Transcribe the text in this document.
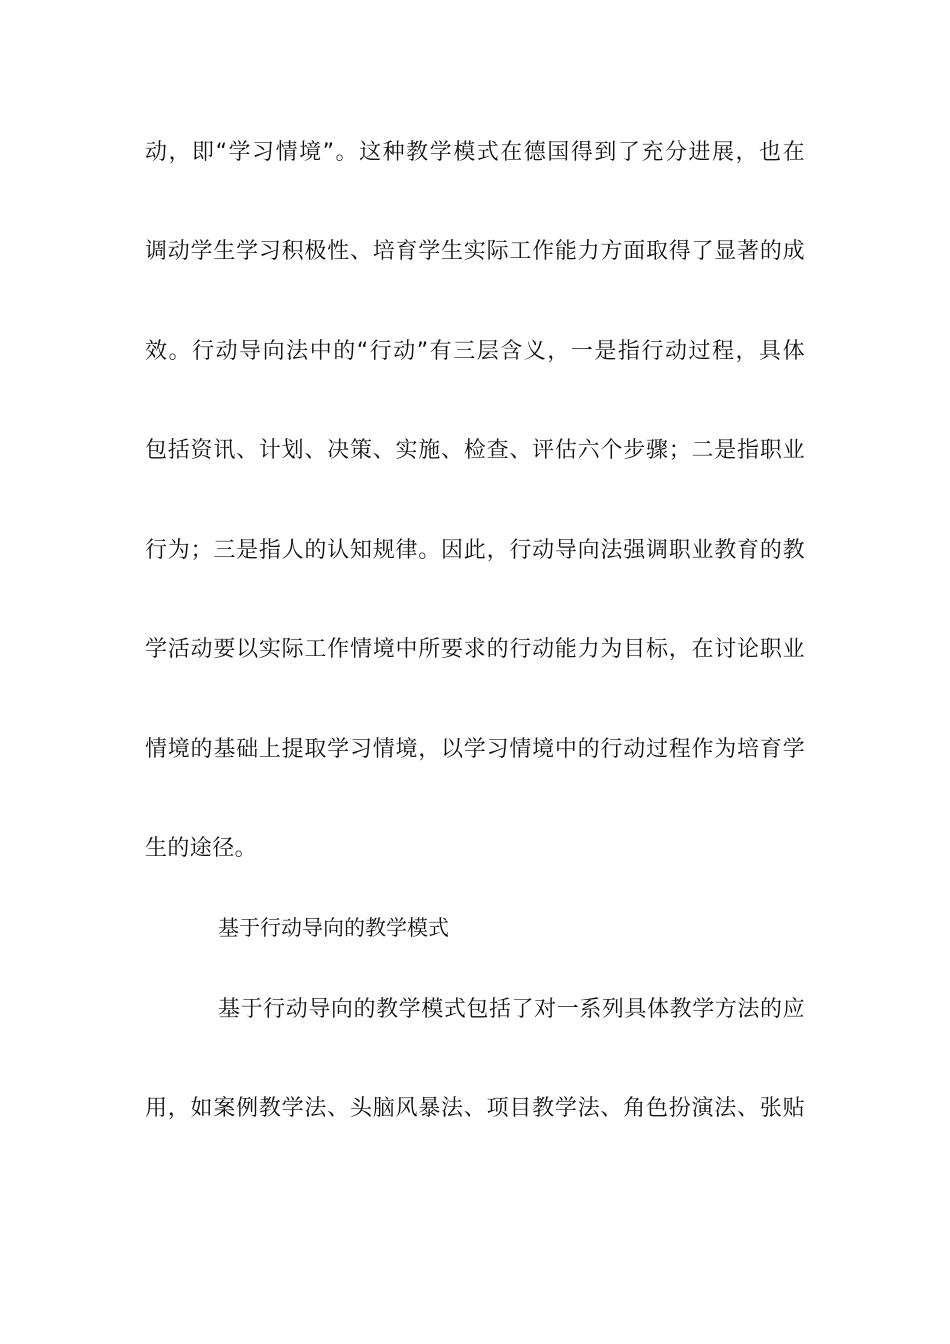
动，即“学习情境”。这种教学模式在德国得到了充分进展，也在
调动学生学习积极性、培育学生实际工作能力方面取得了显著的成
效。行动导向法中的“行动”有三层含义，一是指行动过程，具体
包括资讯、计划、决策、实施、检查、评估六个步骤；二是指职业
行为；三是指人的认知规律。因此，行动导向法强调职业教育的教
学活动要以实际工作情境中所要求的行动能力为目标，在讨论职业
情境的基础上提取学习情境，以学习情境中的行动过程作为培育学
生的途径。
基于行动导向的教学模式
基于行动导向的教学模式包括了对一系列具体教学方法的应
用，如案例教学法、头脑风暴法、项目教学法、角色扮演法、张贴
